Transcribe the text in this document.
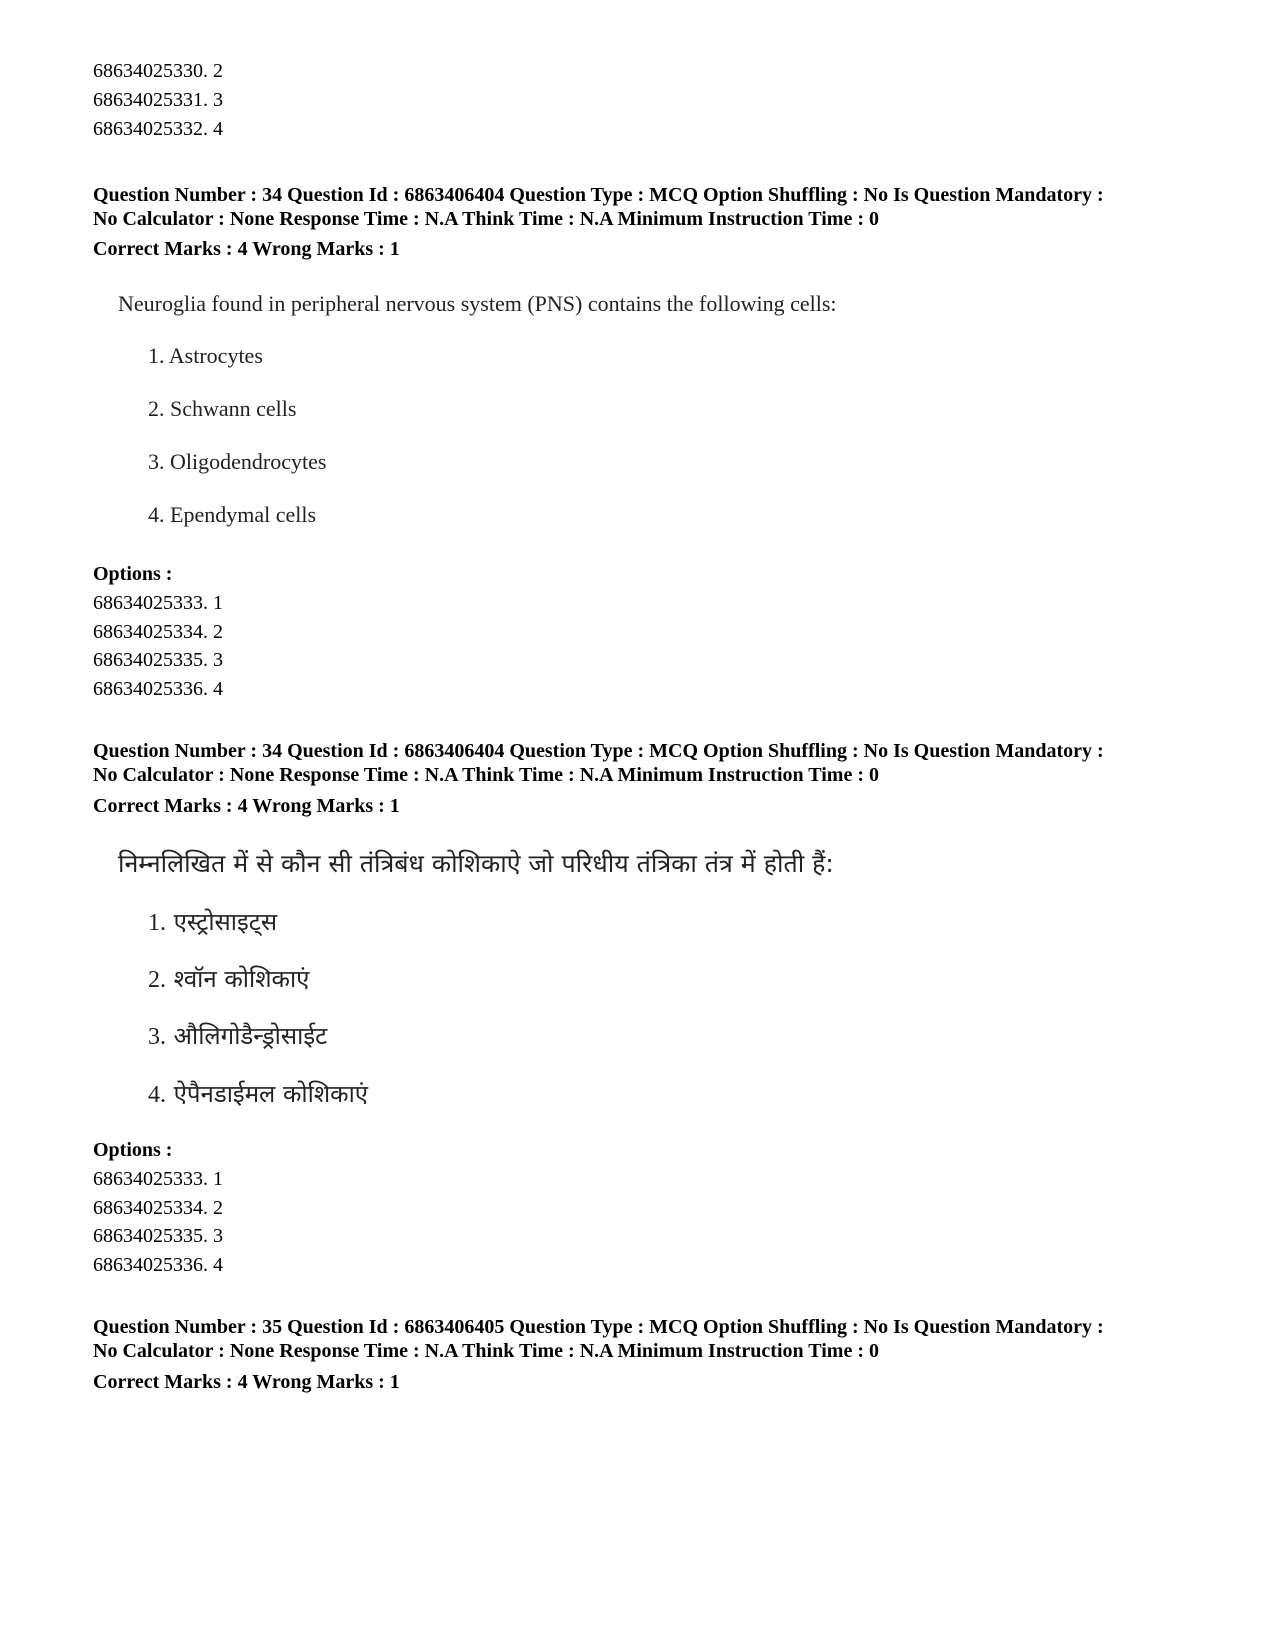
68634025330. 2
68634025331. 3
68634025332. 4
Question Number : 34 Question Id : 6863406404 Question Type : MCQ Option Shuffling : No Is Question Mandatory :
No Calculator : None Response Time : N.A Think Time : N.A Minimum Instruction Time : 0
Correct Marks : 4 Wrong Marks : 1
Neuroglia found in peripheral nervous system (PNS) contains the following cells:
1. Astrocytes
2. Schwann cells
3. Oligodendrocytes
4. Ependymal cells
Options :
68634025333. 1
68634025334. 2
68634025335. 3
68634025336. 4
Question Number : 34 Question Id : 6863406404 Question Type : MCQ Option Shuffling : No Is Question Mandatory :
No Calculator : None Response Time : N.A Think Time : N.A Minimum Instruction Time : 0
Correct Marks : 4 Wrong Marks : 1
निम्नलिखित में से कौन सी तंत्रिबंध कोशिकाऐ जो परिधीय तंत्रिका तंत्र में होती हैं:
1. एस्ट्रोसाइट्स
2. श्वॉन कोशिकाएं
3. औलिगोडैन्ड्रोसाईट
4. ऐपैनडाईमल कोशिकाएं
Options :
68634025333. 1
68634025334. 2
68634025335. 3
68634025336. 4
Question Number : 35 Question Id : 6863406405 Question Type : MCQ Option Shuffling : No Is Question Mandatory :
No Calculator : None Response Time : N.A Think Time : N.A Minimum Instruction Time : 0
Correct Marks : 4 Wrong Marks : 1
